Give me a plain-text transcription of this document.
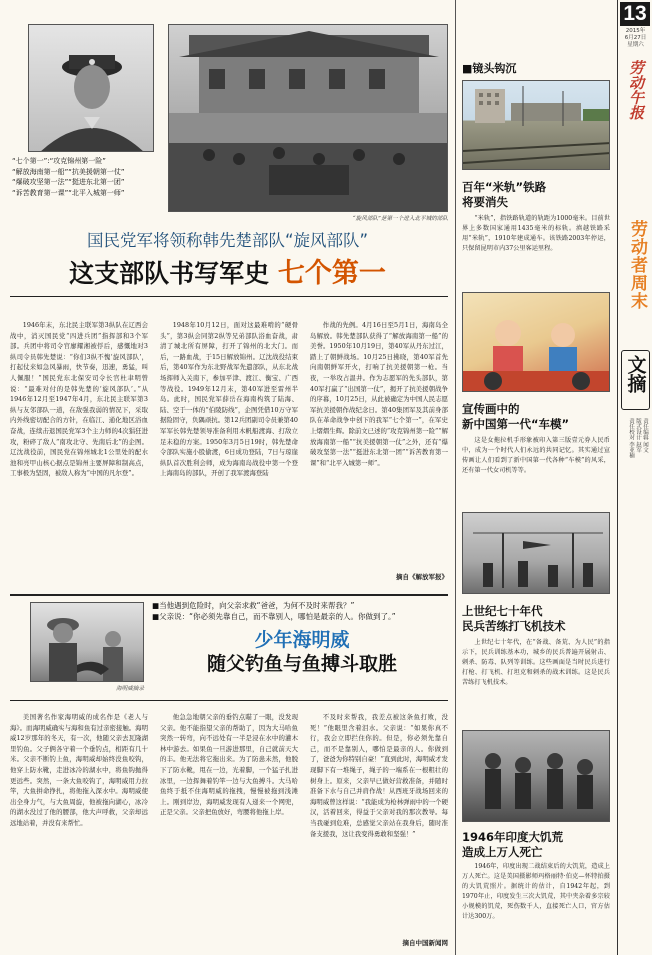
13
2015年
6月27日
星期六
劳动午报
劳动者周末
文摘
责任编辑 闻文
版式设计 赵军
责任校对 李亚楠
■镜头钩沉
百年“米轨”铁路
将要消失
“米轨”，指铁路轨道的轨距为1000毫米。目前世界上多数国家通用1435毫米的标轨。滇越铁路采用“米轨”，1910年建成通车。该铁路2003年停运，只保留昆明市内37公里客运里程。
宣传画中的
新中国第一代“车模”
这是女拖拉机手形象被印入第三版壹元券人民币中，成为一个时代人们永远的共同记忆。其实通过宣传画让人们看到了新中国第一代各种“车模”的风采，还有第一代女司机等等。
上世纪七十年代
民兵苦练打飞机技术
上世纪七十年代，在“备战、备荒、为人民”的指示下，民兵训练基本功，城乡的民兵普遍开展射击、刺杀、防毒、队列等训练。这些画面是当时民兵进行打枪、打飞机、打坦克和刺杀的战术训练。这是民兵苦练打飞机技术。
1946年印度大饥荒
造成上万人死亡
1946年，印度出现二战结束后的大饥荒，造成上万人死亡。这是美国摄影师玛格丽特·伯克—怀特拍摄的大饥荒照片。据统计的估计，自1942年起，到1970年止，印度发生三次大饥荒，其中夹杂着多宗较小规模的饥荒，死伤数千人，直接死亡人口，官方估计达300万。
“七个第一”:“攻克锦州第一险”
“解放海南第一船”“抗美援朝第一仗”
“爆破攻坚第一法”“挺进东北第一团”
“诉苦教育第一课”“北平入城第一师”
“旋风部队”是第一个进入北平城的部队
国民党军将领称韩先楚部队“旋风部队”
这支部队书写军史 七个第一
1946年末，东北民主联军第3纵队在辽西会战中，消灭国民党“四进兵团”指挥部和3个军部。兵团中将司令官廖耀湘被俘后，感慨地对3纵司令员韩先楚说：“你们3纵不愧‘旋风部队’，打起仗来如急风暴雨，快节奏，迅速，勇猛，叫人佩服！”国民党东北保安司令长官杜聿明曾说：“最难对付的是韩先楚的‘旋风部队’。”从1946年12月至1947年4月，东北民主联军第3纵与友邻部队一道，在敌强我弱的情况下，采取内外线密切配合的方针，在临江、通化地区浴血奋战，连续击退国民党军3个主力师的4次猖狂进攻，粉碎了敌人“南攻北守、先南后北”的企图。辽沈战役前，国民党在锦州城北1公里处的配水池和亮甲山核心据点是锦州主要屏障和制高点，工事极为坚固，被敌人称为“中国的凡尔登”。
1948年10月12日，面对这最难啃的“硬骨头”，第3纵会同第2纵等兄弟部队浴血奋战，肃清了城北所有屏障，打开了锦州的北大门。而后，一路血战，于15日解放锦州。辽沈战役结束后，第40军作为东北野战军先遣部队，从东北战场挥师入关南下，参加平津、渡江、衡宝、广西等战役。1949年12月末，第40军进至雷州半岛。此时，国民党军薛岳在海南构筑了陆海、陆、空于一体的“伯陵防线”，企图凭借10万守军据险固守，负隅顽抗。第12兵团副司令员兼第40军军长韩先楚领导准备利用木帆船渡海、打敌立足未稳的方案。1950年3月5日19时，韩先楚命令部队实施小股偷渡，6日成功登陆，7日与琼崖纵队首次胜利会师，成为海南岛战役中第一个登上海南岛的部队，开创了我军渡海登陆
作战的先例。4月16日至5月1日，海南岛全岛解放。韩先楚部队获得了“解放海南第一船”的美誉。1950年10月19日，第40军从丹东过江，踏上了朝鲜战场。10月25日拂晓，第40军首先向南朝鲜军开火，打响了抗美援朝第一枪。当夜，一举攻占温井。作为志愿军的先头部队，第40军打赢了“出国第一仗”，揭开了抗美援朝战争的序幕，10月25日，从此被确定为中国人民志愿军抗美援朝作战纪念日。第40集团军及其前身部队在革命战争中创下的我军“七个第一”，在军史上熠熠生辉。除前文已述的“攻克锦州第一险”“解放海南第一船”“抗美援朝第一仗”之外，还有“爆破攻坚第一法”“挺进东北第一团”“诉苦教育第一课”和“北平入城第一师”。
摘自《解放军报》
海明威摘录
■当他遇到危险时，向父亲求救“爸爸，为何不及时来帮我？”
■父亲说：“你必须先靠自己，而不靠别人，哪怕是最亲的人。你做到了。”
少年海明威
随父钓鱼与鱼搏斗取胜
美国著名作家海明威的成名作是《老人与海》。而海明威确实与海和鱼有过亲密接触。海明威12岁那年的冬天，有一次，他随父亲去瓦隆湖里钓鱼。父子俩各守着一个垂钓点，相距有几十米。父亲不断钓上鱼，海明威却始终没鱼咬钩，他穿上防水靴，走进冰冷的湖水中，将鱼钩抛得更远些。突然，一条大鱼咬钩了，海明威用力拉竿，大鱼拼命挣扎，将他拖入深水中。海明威使出全身力气，与大鱼周旋，他被拖向湖心，冰冷的湖水没过了他的腰部，他大声呼救，父亲却远远地站着，并没有来帮忙。
他急急地朝父亲的垂钓点瞄了一眼，没发现父亲。他不能指望父亲的帮助了，因为大马哈鱼突然一转弯，向不远处有一半是浸在水中的灌木林中游去。如果鱼一旦游进那里，自己就前天大的丰。他无法将它拖出来。为了防患未然，他脱下了防水靴，甩在一边，光着脚，一个猛子扎进冰里，一边挥舞着钓竿一边与大鱼搏斗。大马哈鱼终于抵不住海明威的拖拽，慢慢被拖到浅滩上。刚到岸边，海明威发现有人递来一个网兜，正是父亲。父亲把鱼放好，弯腰将他拖上岸。
不及时来帮我，我差点被这条鱼打败，没死！”他眼里含着泪水。父亲说：“如果你真不行，我会立即拦住你的。但是，你必须先靠自己，而不是靠别人，哪怕是最亲的人。你做到了，爸爸为你特别自豪！”直到此时，海明威才发现脚下有一堆绳子，绳子的一端系在一根粗壮的树身上。原来，父亲早已做好营救准备，并随时准备下水与自己并肩作战！从西班牙战场回来的海明威曾这样说：“我能成为枪林弹雨中的一个硬汉，活着回来，得益于父亲对我的那次教导。每当我碰到危难，总感觉父亲站在我身后，随时准备支援我，这让我变得勇敢和坚强！”
摘自中国新闻网
